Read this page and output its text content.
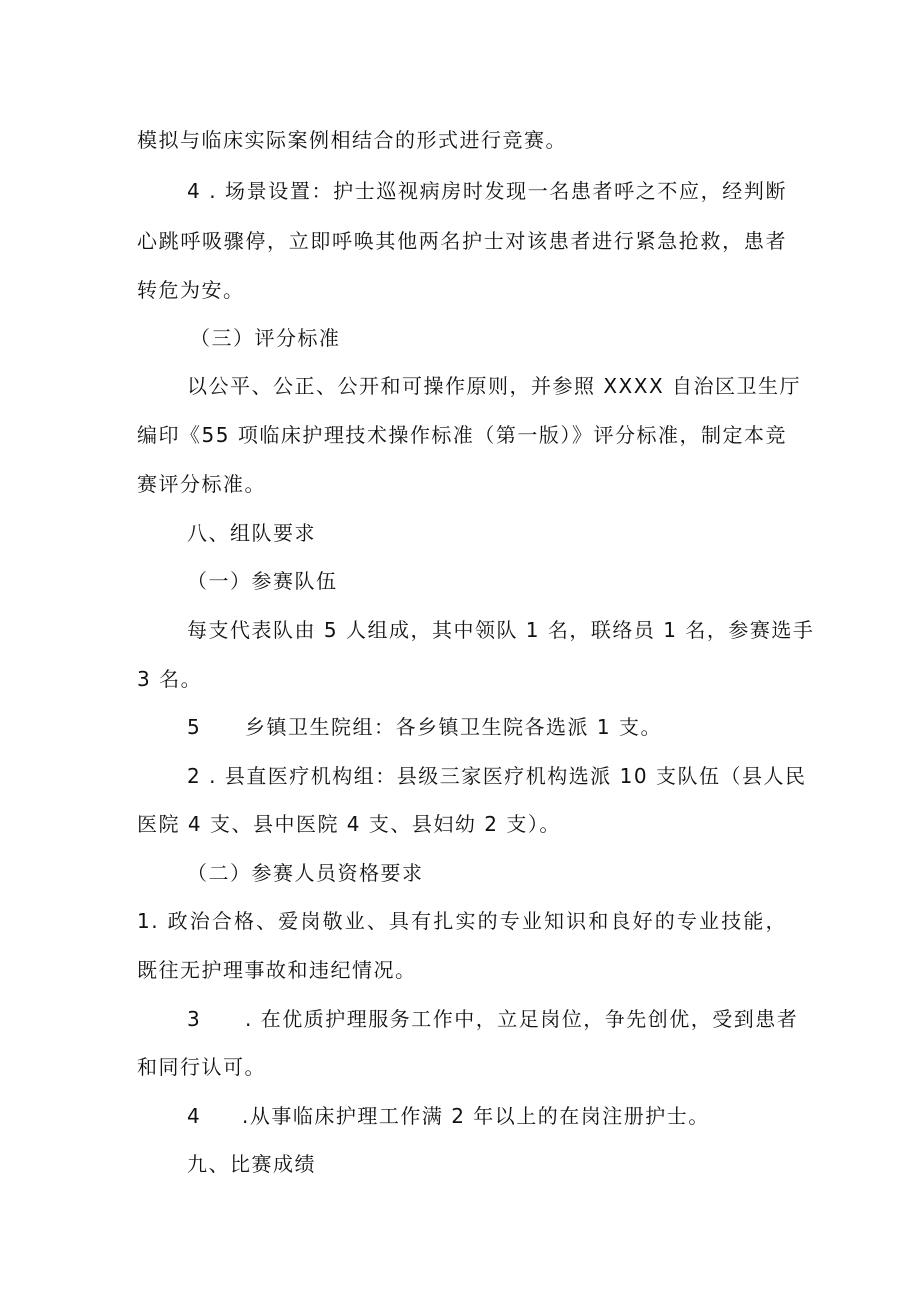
模拟与临床实际案例相结合的形式进行竞赛。
4 . 场景设置：护士巡视病房时发现一名患者呼之不应，经判断
心跳呼吸骤停，立即呼唤其他两名护士对该患者进行紧急抢救，患者
转危为安。
（三）评分标准
以公平、公正、公开和可操作原则，并参照 XXXX 自治区卫生厅
编印《55 项临床护理技术操作标准（第一版）》评分标准，制定本竞
赛评分标准。
八、组队要求
（一）参赛队伍
每支代表队由 5 人组成，其中领队 1 名，联络员 1 名，参赛选手
3 名。
5 乡镇卫生院组：各乡镇卫生院各选派 1 支。
2 . 县直医疗机构组：县级三家医疗机构选派 10 支队伍（县人民
医院 4 支、县中医院 4 支、县妇幼 2 支）。
（二）参赛人员资格要求
1. 政治合格、爱岗敬业、具有扎实的专业知识和良好的专业技能，
既往无护理事故和违纪情况。
3 . 在优质护理服务工作中，立足岗位，争先创优，受到患者
和同行认可。
4 .从事临床护理工作满 2 年以上的在岗注册护士。
九、比赛成绩
